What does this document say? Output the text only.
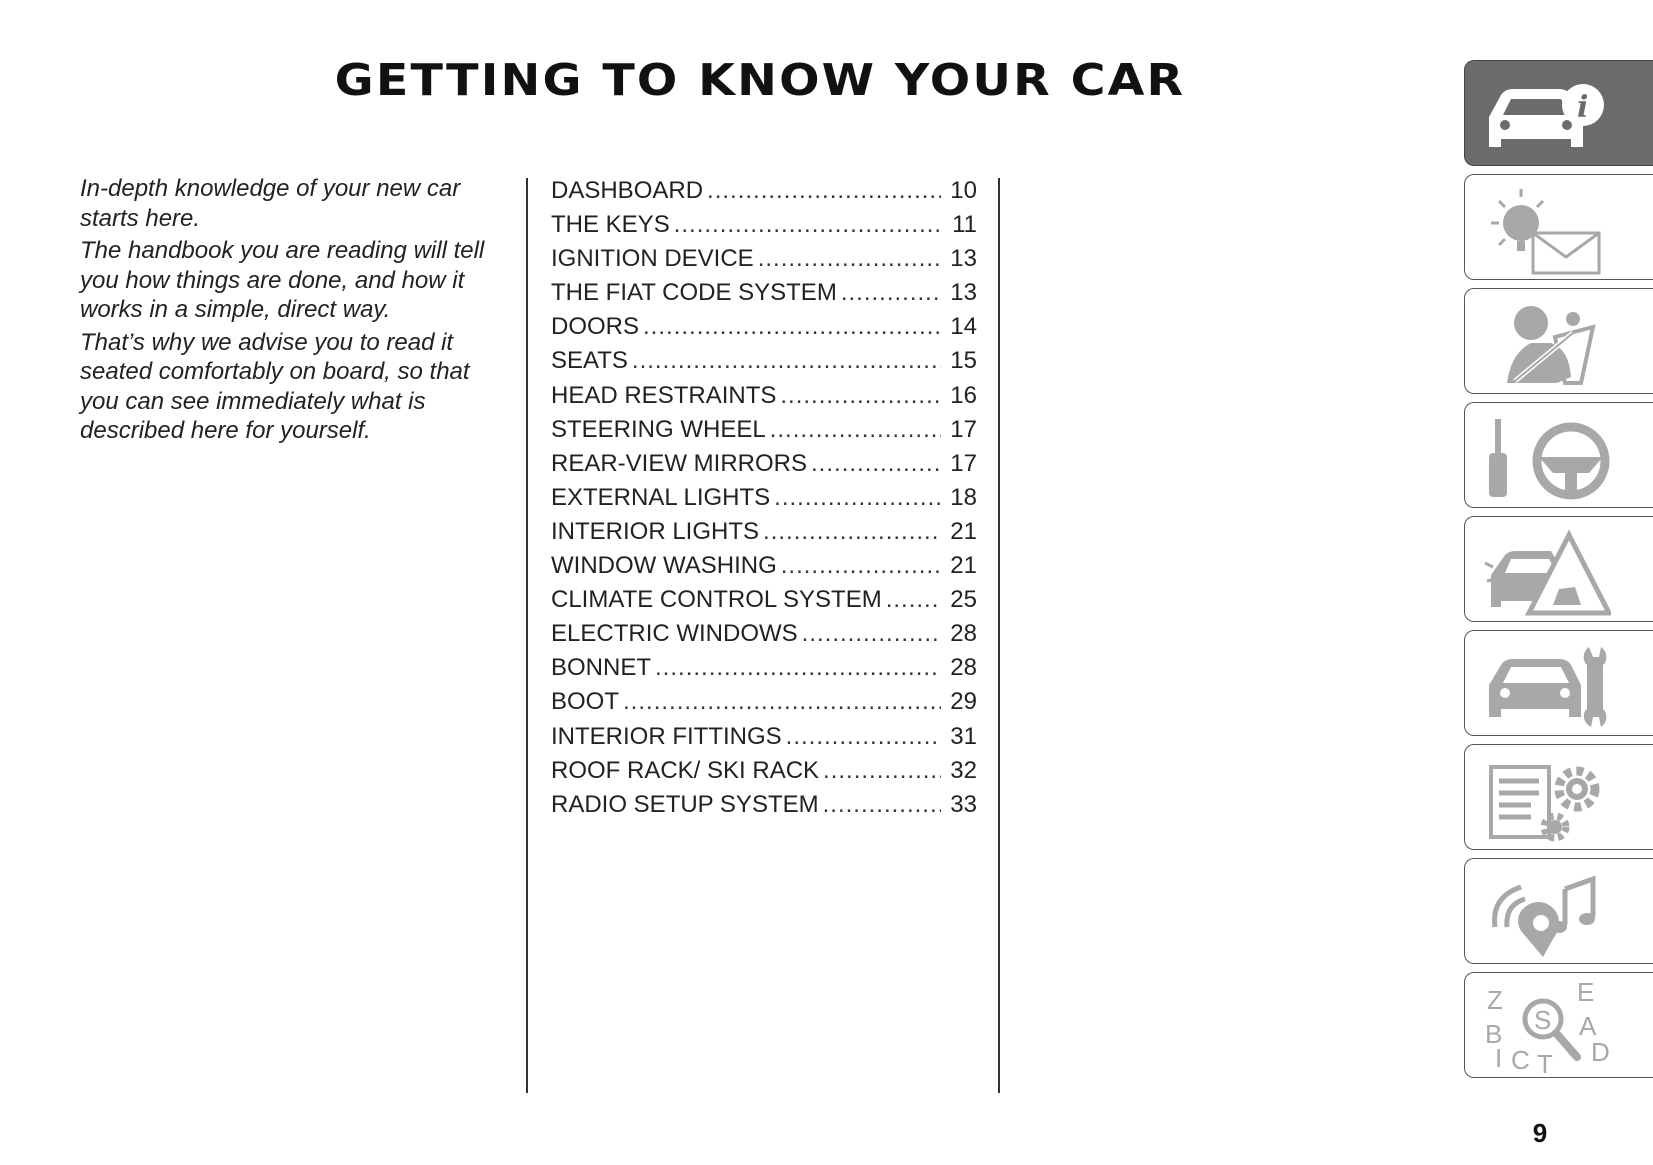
GETTING TO KNOW YOUR CAR

In-depth knowledge of your new car starts here.

The handbook you are reading will tell you how things are done, and how it works in a simple, direct way.

That’s why we advise you to read it seated comfortably on board, so that you can see immediately what is described here for yourself.

DASHBOARD .....	10
THE KEYS .....	11
IGNITION DEVICE .....	13
THE FIAT CODE SYSTEM .....	13
DOORS .....	14
SEATS .....	15
HEAD RESTRAINTS .....	16
STEERING WHEEL .....	17
REAR-VIEW MIRRORS .....	17
EXTERNAL LIGHTS .....	18
INTERIOR LIGHTS .....	21
WINDOW WASHING .....	21
CLIMATE CONTROL SYSTEM .....	25
ELECTRIC WINDOWS .....	28
BONNET .....	28
BOOT .....	29
INTERIOR FITTINGS .....	31
ROOF RACK/ SKI RACK .....	32
RADIO SETUP SYSTEM .....	33
i
Z	E
B	A
I C T D
S
9
